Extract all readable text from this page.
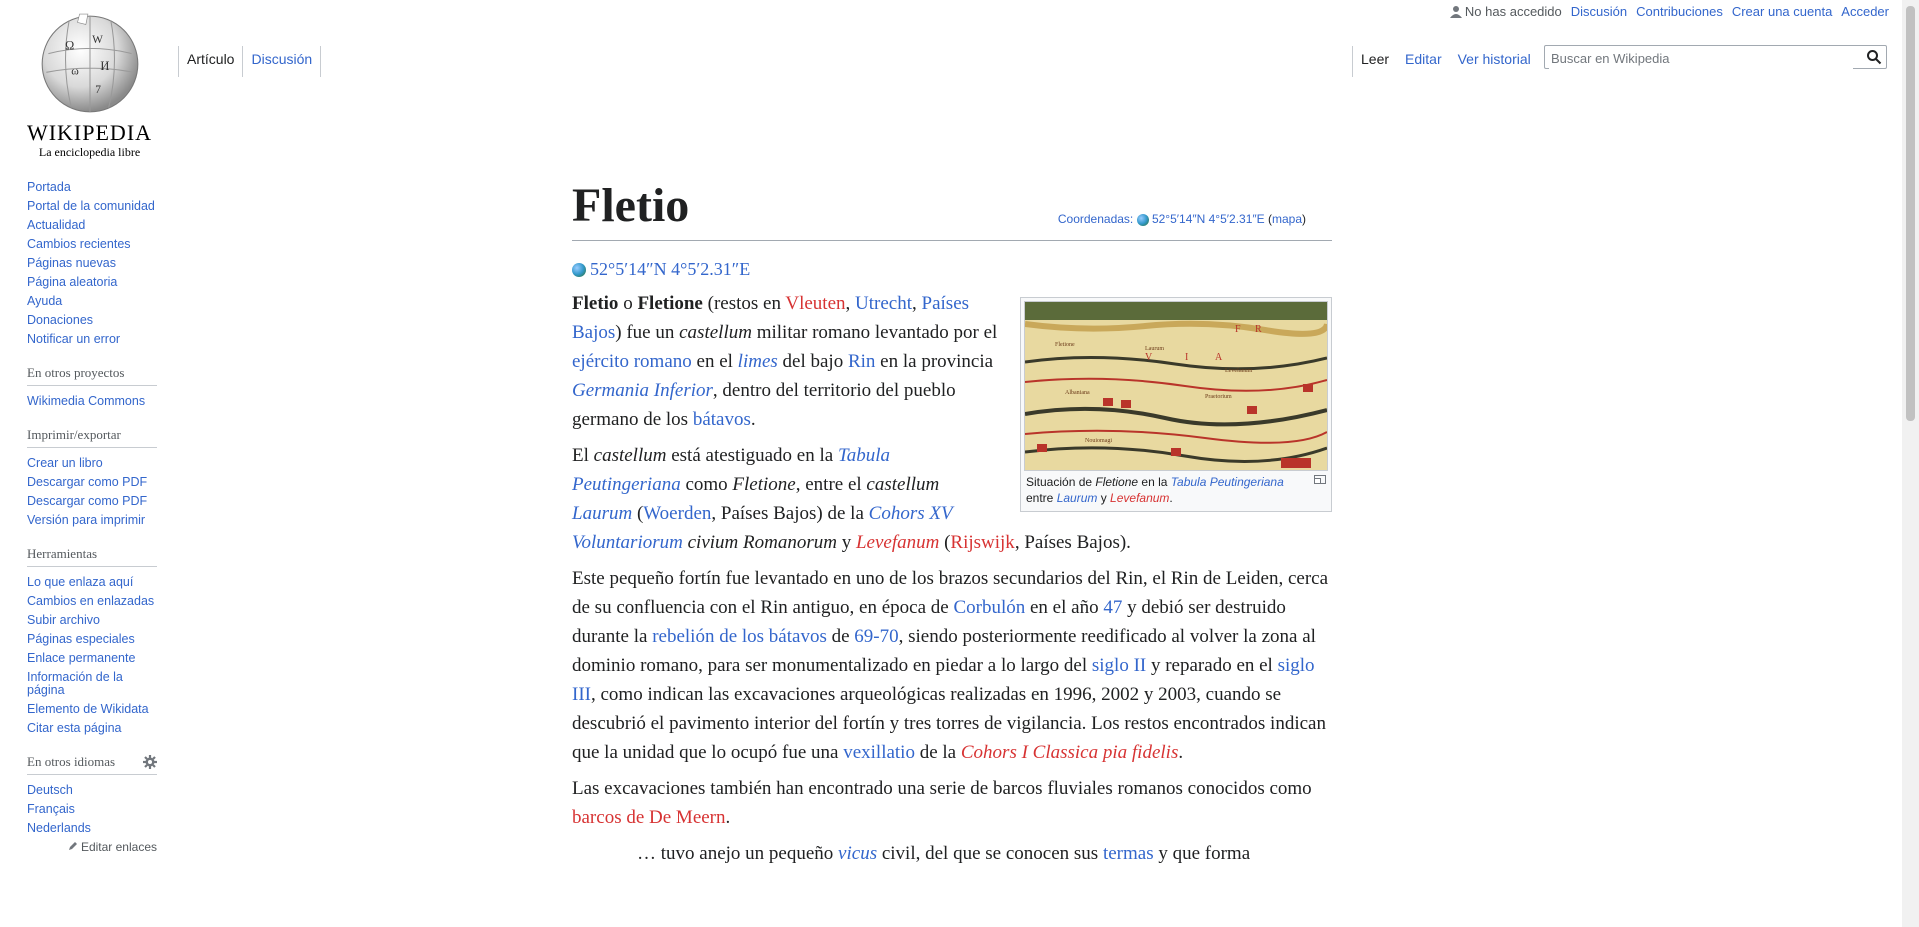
Ω W
И
ω
7
WIKIPEDIA
La enciclopedia libre
No has accedido Discusión Contribuciones Crear una cuenta Acceder
Artículo	Discusión	Leer	Editar	Ver historial
Buscar en Wikipedia
Portada
Portal de la comunidad
Actualidad
Cambios recientes
Páginas nuevas
Página aleatoria
Ayuda
Donaciones
Notificar un error
En otros proyectos
Wikimedia Commons
Imprimir/exportar
Crear un libro
Descargar como PDF
Descargar como PDF
Versión para imprimir
Herramientas
Lo que enlaza aquí
Cambios en enlazadas
Subir archivo
Páginas especiales
Enlace permanente
Información de la página
Elemento de Wikidata
Citar esta página
En otros idiomas
Deutsch
Français
Nederlands
Editar enlaces
Fletio	Coordenadas: 52°5′14″N 4°5′2.31″E (mapa)
52°5′14″N 4°5′2.31″E
Fletione
Laurum
Levefanum
Albaniana
Praetorium
Nouiomagi
F R
V	I	A
Situación de Fletione en la Tabula Peutingeriana
entre Laurum y Levefanum.

Fletio o Fletione (restos en Vleuten, Utrecht, Países Bajos) fue un castellum militar romano levantado por el ejército romano en el limes del bajo Rin en la provincia Germania Inferior, dentro del territorio del pueblo germano de los bátavos.

El castellum está atestiguado en la Tabula Peutingeriana como Fletione, entre el castellum Laurum (Woerden, Países Bajos) de la Cohors XV Voluntariorum civium Romanorum y Levefanum (Rijswijk, Países Bajos).

Este pequeño fortín fue levantado en uno de los brazos secundarios del Rin, el Rin de Leiden, cerca de su confluencia con el Rin antiguo, en época de Corbulón en el año 47 y debió ser destruido durante la rebelión de los bátavos de 69-70, siendo posteriormente reedificado al volver la zona al dominio romano, para ser monumentalizado en piedar a lo largo del siglo II y reparado en el siglo III, como indican las excavaciones arqueológicas realizadas en 1996, 2002 y 2003, cuando se descubrió el pavimento interior del fortín y tres torres de vigilancia. Los restos encontrados indican que la unidad que lo ocupó fue una vexillatio de la Cohors I Classica pia fidelis.

Las excavaciones también han encontrado una serie de barcos fluviales romanos conocidos como barcos de De Meern.

… tuvo anejo un pequeño vicus civil, del que se conocen sus termas y que forma
